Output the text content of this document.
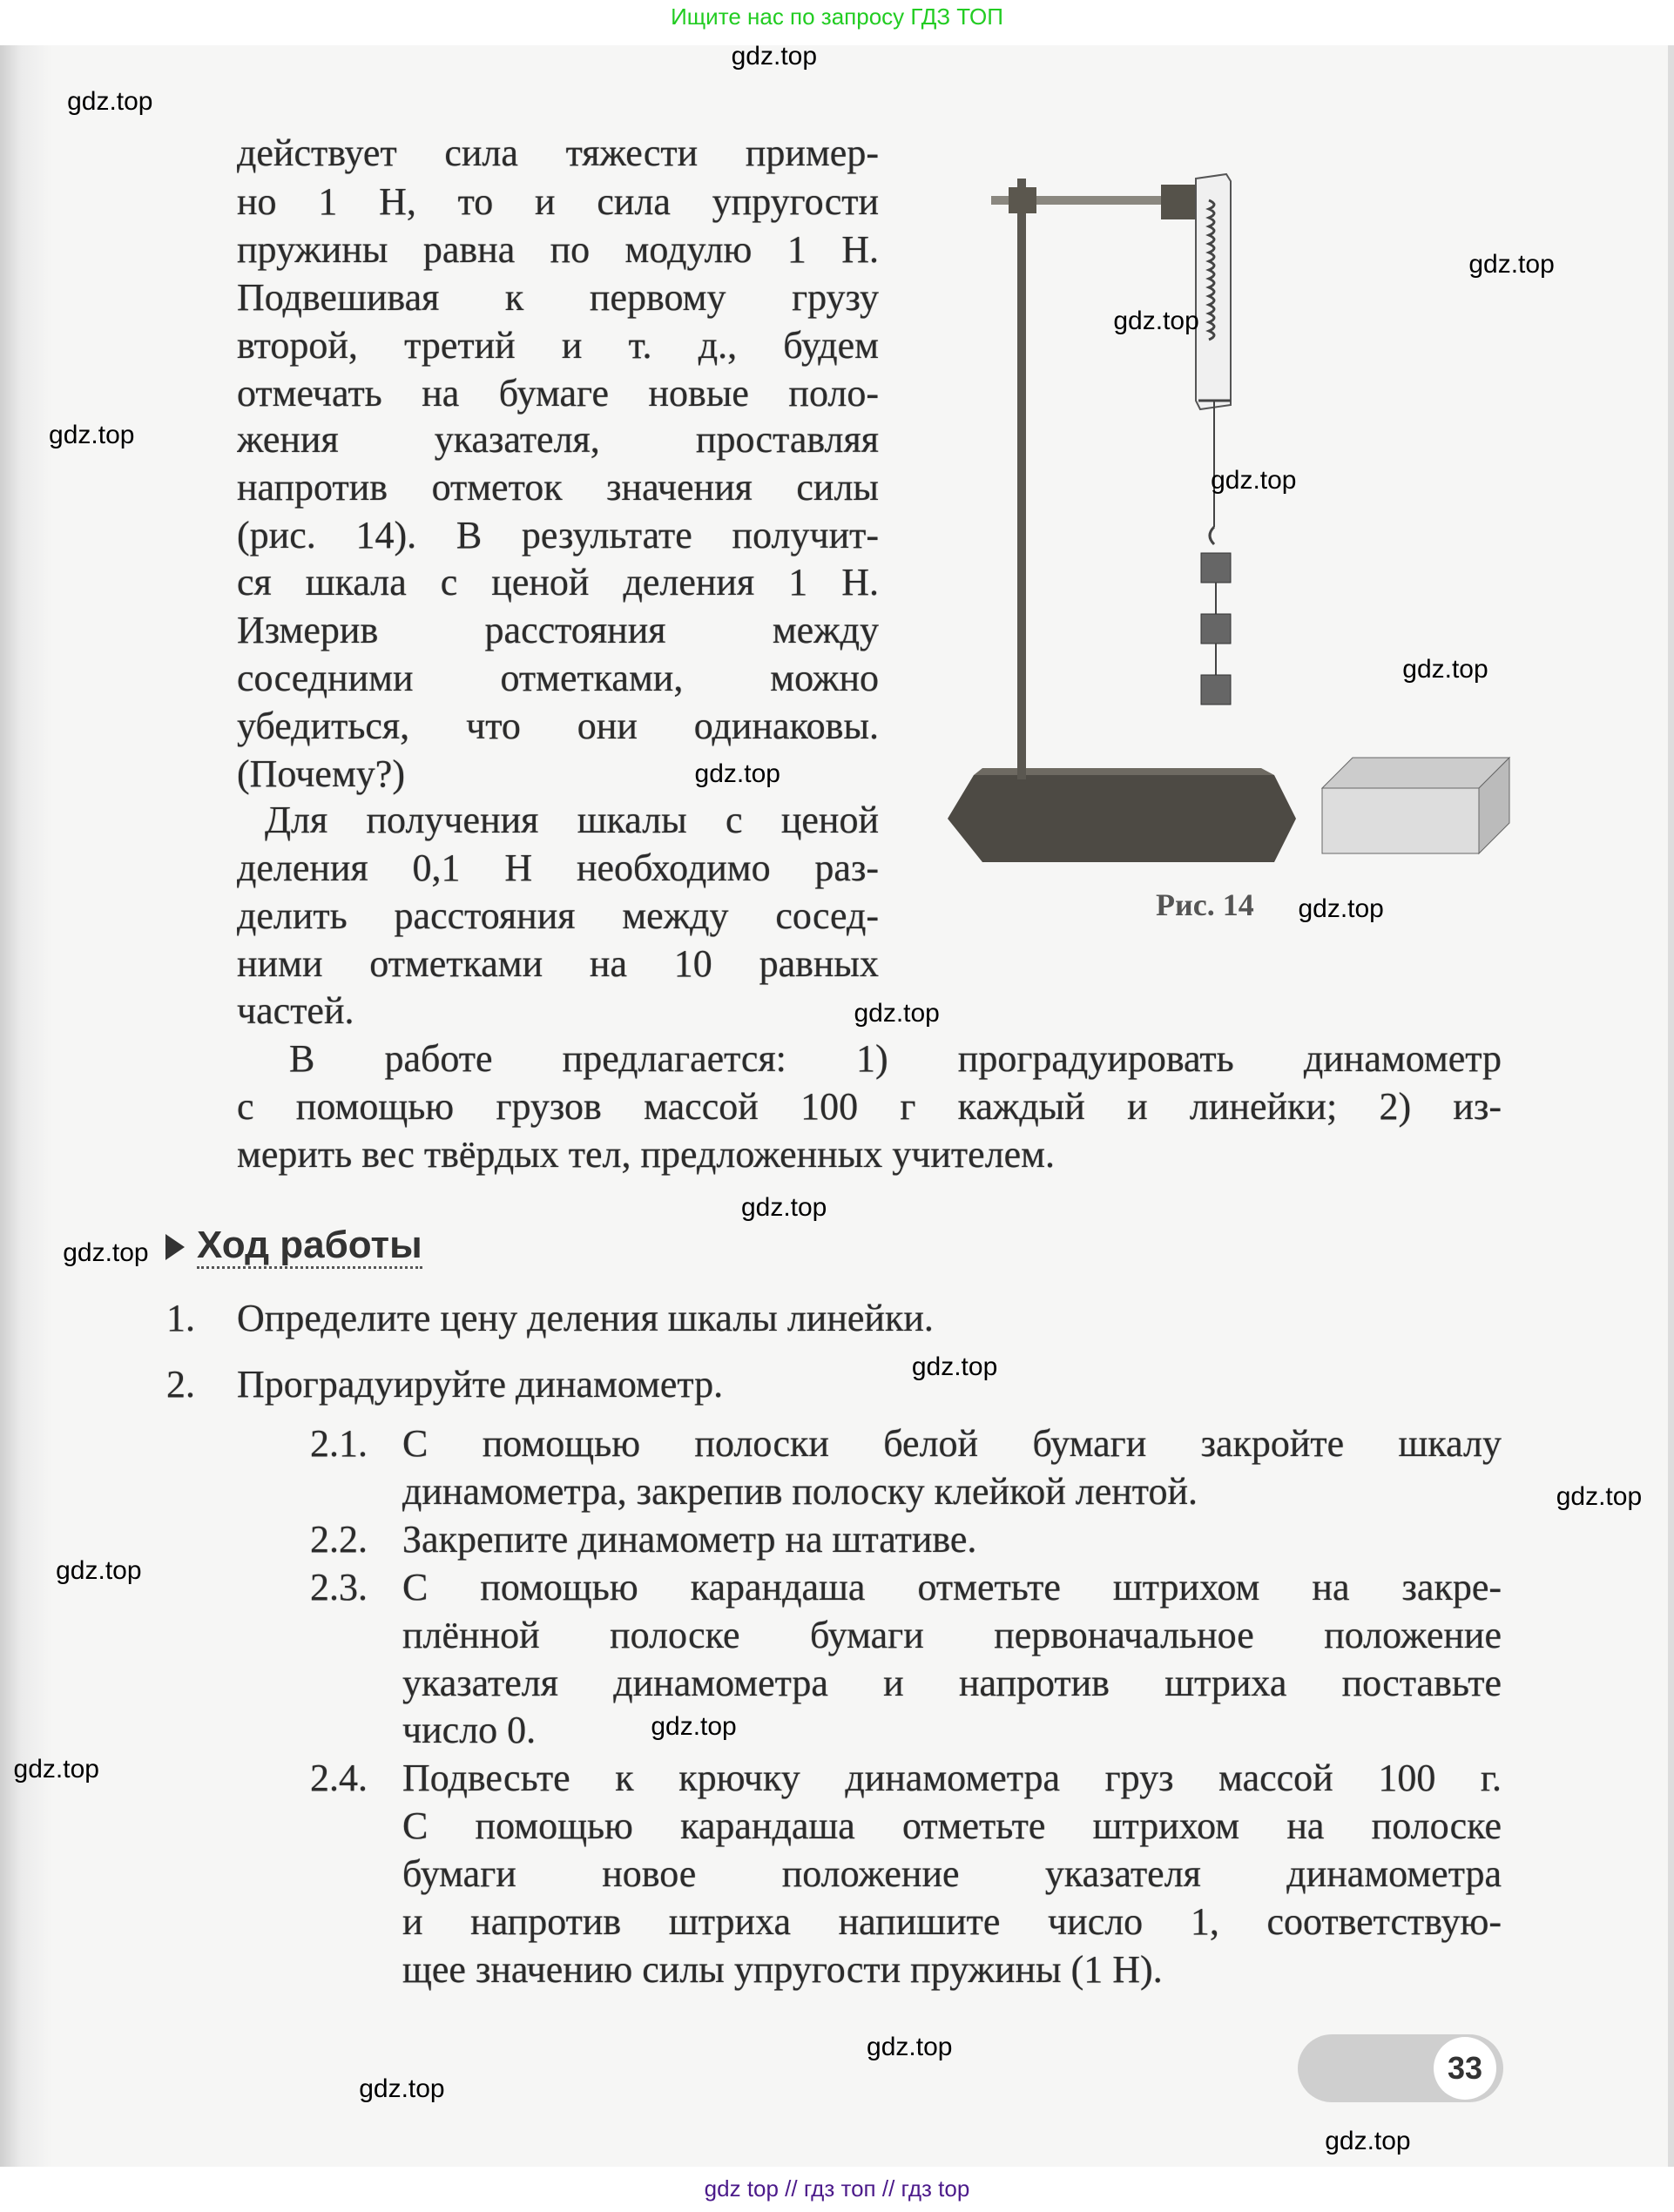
Ищите нас по запросу ГДЗ ТОП
действует сила тяжести пример-
но 1 Н, то и сила упругости
пружины равна по модулю 1 Н.
Подвешивая к первому грузу
второй, третий и т. д., будем
отмечать на бумаге новые поло-
жения указателя, проставляя
напротив отметок значения силы
(рис. 14). В результате получит-
ся шкала с ценой деления 1 Н.
Измерив расстояния между
соседними отметками, можно
убедиться, что они одинаковы.
(Почему?)
Для получения шкалы с ценой
деления 0,1 Н необходимо раз-
делить расстояния между сосед-
ними отметками на 10 равных
частей.
В работе предлагается: 1) проградуировать динамометр
с помощью грузов массой 100 г каждый и линейки; 2) из-
мерить вес твёрдых тел, предложенных учителем.
1. Определите цену деления шкалы линейки.
2. Проградуируйте динамометр.
2.1. С помощью полоски белой бумаги закройте шкалу
динамометра, закрепив полоску клейкой лентой.
2.2. Закрепите динамометр на штативе.
2.3. С помощью карандаша отметьте штрихом на закре-
плённой полоске бумаги первоначальное положение
указателя динамометра и напротив штриха поставьте
число 0.
2.4. Подвесьте к крючку динамометра груз массой 100 г.
С помощью карандаша отметьте штрихом на полоске
бумаги новое положение указателя динамометра
и напротив штриха напишите число 1, соответствую-
щее значению силы упругости пружины (1 Н).
Рис. 14
Ход работы
33
gdz.top
gdz.top
gdz.top
gdz.top
gdz.top
gdz.top
gdz.top
gdz.top
gdz.top
gdz.top
gdz.top
gdz.top
gdz.top
gdz.top
gdz.top
gdz.top
gdz.top
gdz.top
gdz.top
gdz.top
gdz top // гдз топ // гдз top
